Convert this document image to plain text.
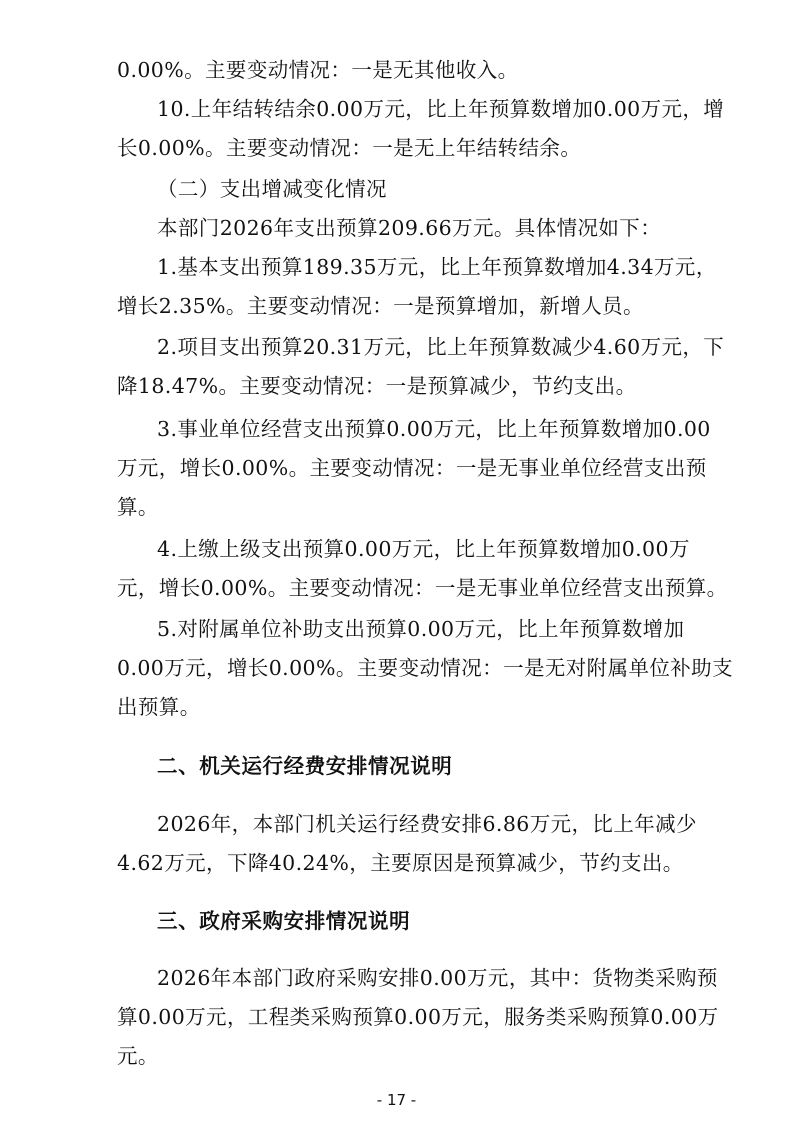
0.00%。主要变动情况：一是无其他收入。
10.上年结转结余0.00万元，比上年预算数增加0.00万元，增
长0.00%。主要变动情况：一是无上年结转结余。
（二）支出增减变化情况
本部门2026年支出预算209.66万元。具体情况如下：
1.基本支出预算189.35万元，比上年预算数增加4.34万元，
增长2.35%。主要变动情况：一是预算增加，新增人员。
2.项目支出预算20.31万元，比上年预算数减少4.60万元，下
降18.47%。主要变动情况：一是预算减少，节约支出。
3.事业单位经营支出预算0.00万元，比上年预算数增加0.00
万元，增长0.00%。主要变动情况：一是无事业单位经营支出预
算。
4.上缴上级支出预算0.00万元，比上年预算数增加0.00万
元，增长0.00%。主要变动情况：一是无事业单位经营支出预算。
5.对附属单位补助支出预算0.00万元，比上年预算数增加
0.00万元，增长0.00%。主要变动情况：一是无对附属单位补助支
出预算。
二、机关运行经费安排情况说明
2026年，本部门机关运行经费安排6.86万元，比上年减少
4.62万元，下降40.24%，主要原因是预算减少，节约支出。
三、政府采购安排情况说明
2026年本部门政府采购安排0.00万元，其中：货物类采购预
算0.00万元，工程类采购预算0.00万元，服务类采购预算0.00万
元。
- 17 -
